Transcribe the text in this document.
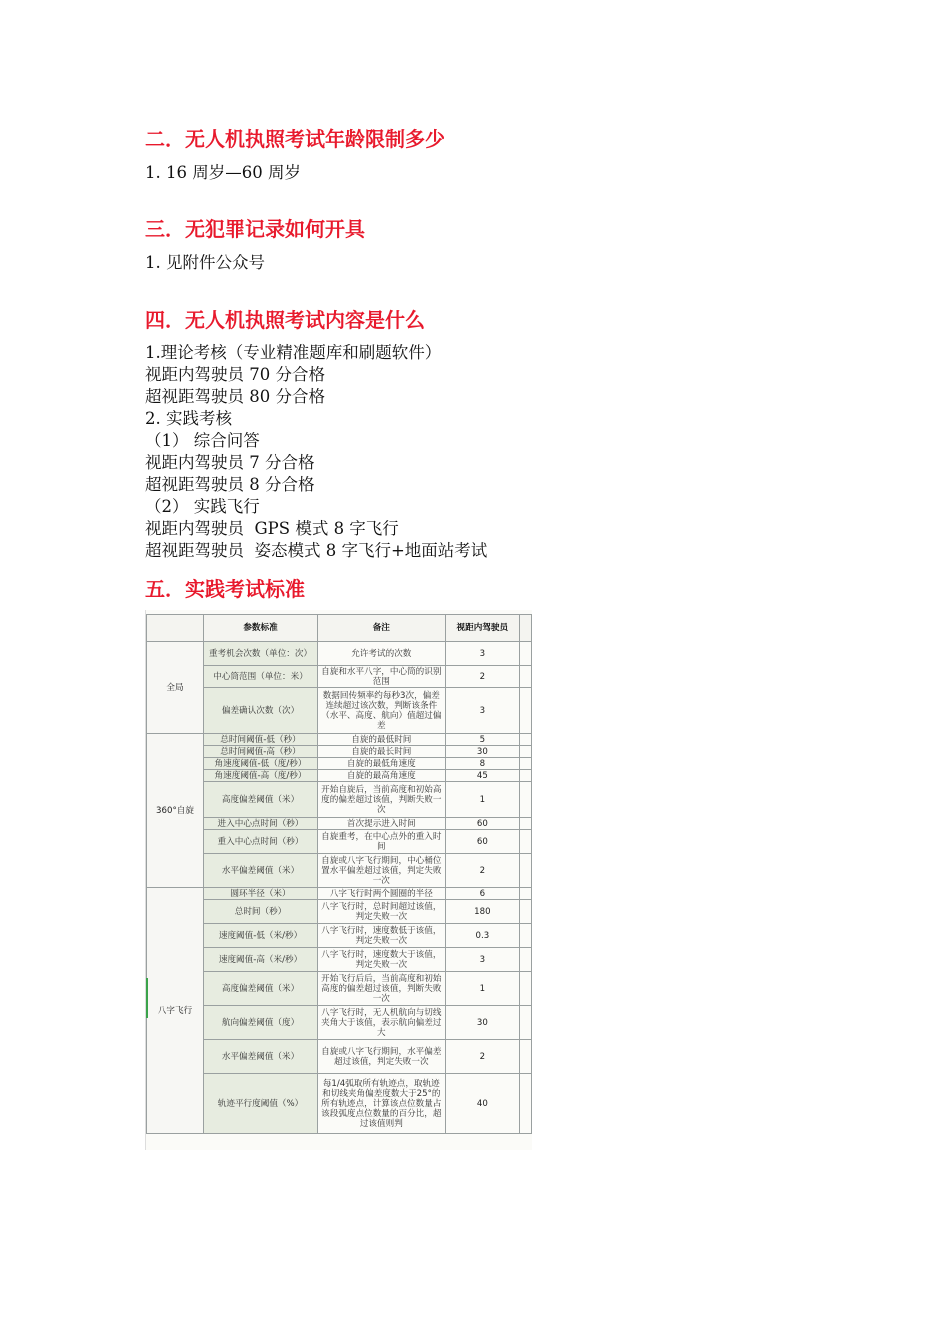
二．无人机执照考试年龄限制多少

1. 16 周岁—60 周岁

三．无犯罪记录如何开具

1. 见附件公众号

四．无人机执照考试内容是什么

1.理论考核（专业精准题库和刷题软件）

视距内驾驶员 70 分合格

超视距驾驶员 80 分合格

2. 实践考核

（1） 综合问答

视距内驾驶员 7 分合格

超视距驾驶员 8 分合格

（2） 实践飞行

视距内驾驶员  GPS 模式 8 字飞行

超视距驾驶员  姿态模式 8 字飞行+地面站考试

五．实践考试标准
	参数标准	备注	视距内驾驶员	
全局	重考机会次数（单位：次）	允许考试的次数	3	
	中心筒范围（单位：米）	自旋和水平八字，中心筒的识别范围	2	
	偏差确认次数（次）	数据回传频率约每秒3次，偏差连续超过该次数，判断该条件（水平、高度、航向）值超过偏差	3	
360°自旋	总时间阈值-低（秒）	自旋的最低时间	5	
	总时间阈值-高（秒）	自旋的最长时间	30	
	角速度阈值-低（度/秒）	自旋的最低角速度	8	
	角速度阈值-高（度/秒）	自旋的最高角速度	45	
	高度偏差阈值（米）	开始自旋后，当前高度和初始高度的偏差超过该值，判断失败一次	1	
	进入中心点时间（秒）	首次提示进入时间	60	
	重入中心点时间（秒）	自旋重考，在中心点外的重入时间	60	
	水平偏差阈值（米）	自旋或八字飞行期间，中心桶位置水平偏差超过该值，判定失败一次	2	
八字飞行	圆环半径（米）	八字飞行时两个圆圈的半径	6	
	总时间（秒）	八字飞行时，总时间超过该值，判定失败一次	180	
	速度阈值-低（米/秒）	八字飞行时，速度数低于该值，判定失败一次	0.3	
	速度阈值-高（米/秒）	八字飞行时，速度数大于该值，判定失败一次	3	
	高度偏差阈值（米）	开始飞行后后，当前高度和初始高度的偏差超过该值，判断失败一次	1	
	航向偏差阈值（度）	八字飞行时，无人机航向与切线夹角大于该值，表示航向偏差过大	30	
	水平偏差阈值（米）	自旋或八字飞行期间，水平偏差超过该值，判定失败一次	2	
	轨迹平行度阈值（%）	每1/4弧取所有轨迹点，取轨迹和切线夹角偏差度数大于25°的所有轨迹点，计算该点位数量占该段弧度点位数量的百分比，超过该值则判	40	
